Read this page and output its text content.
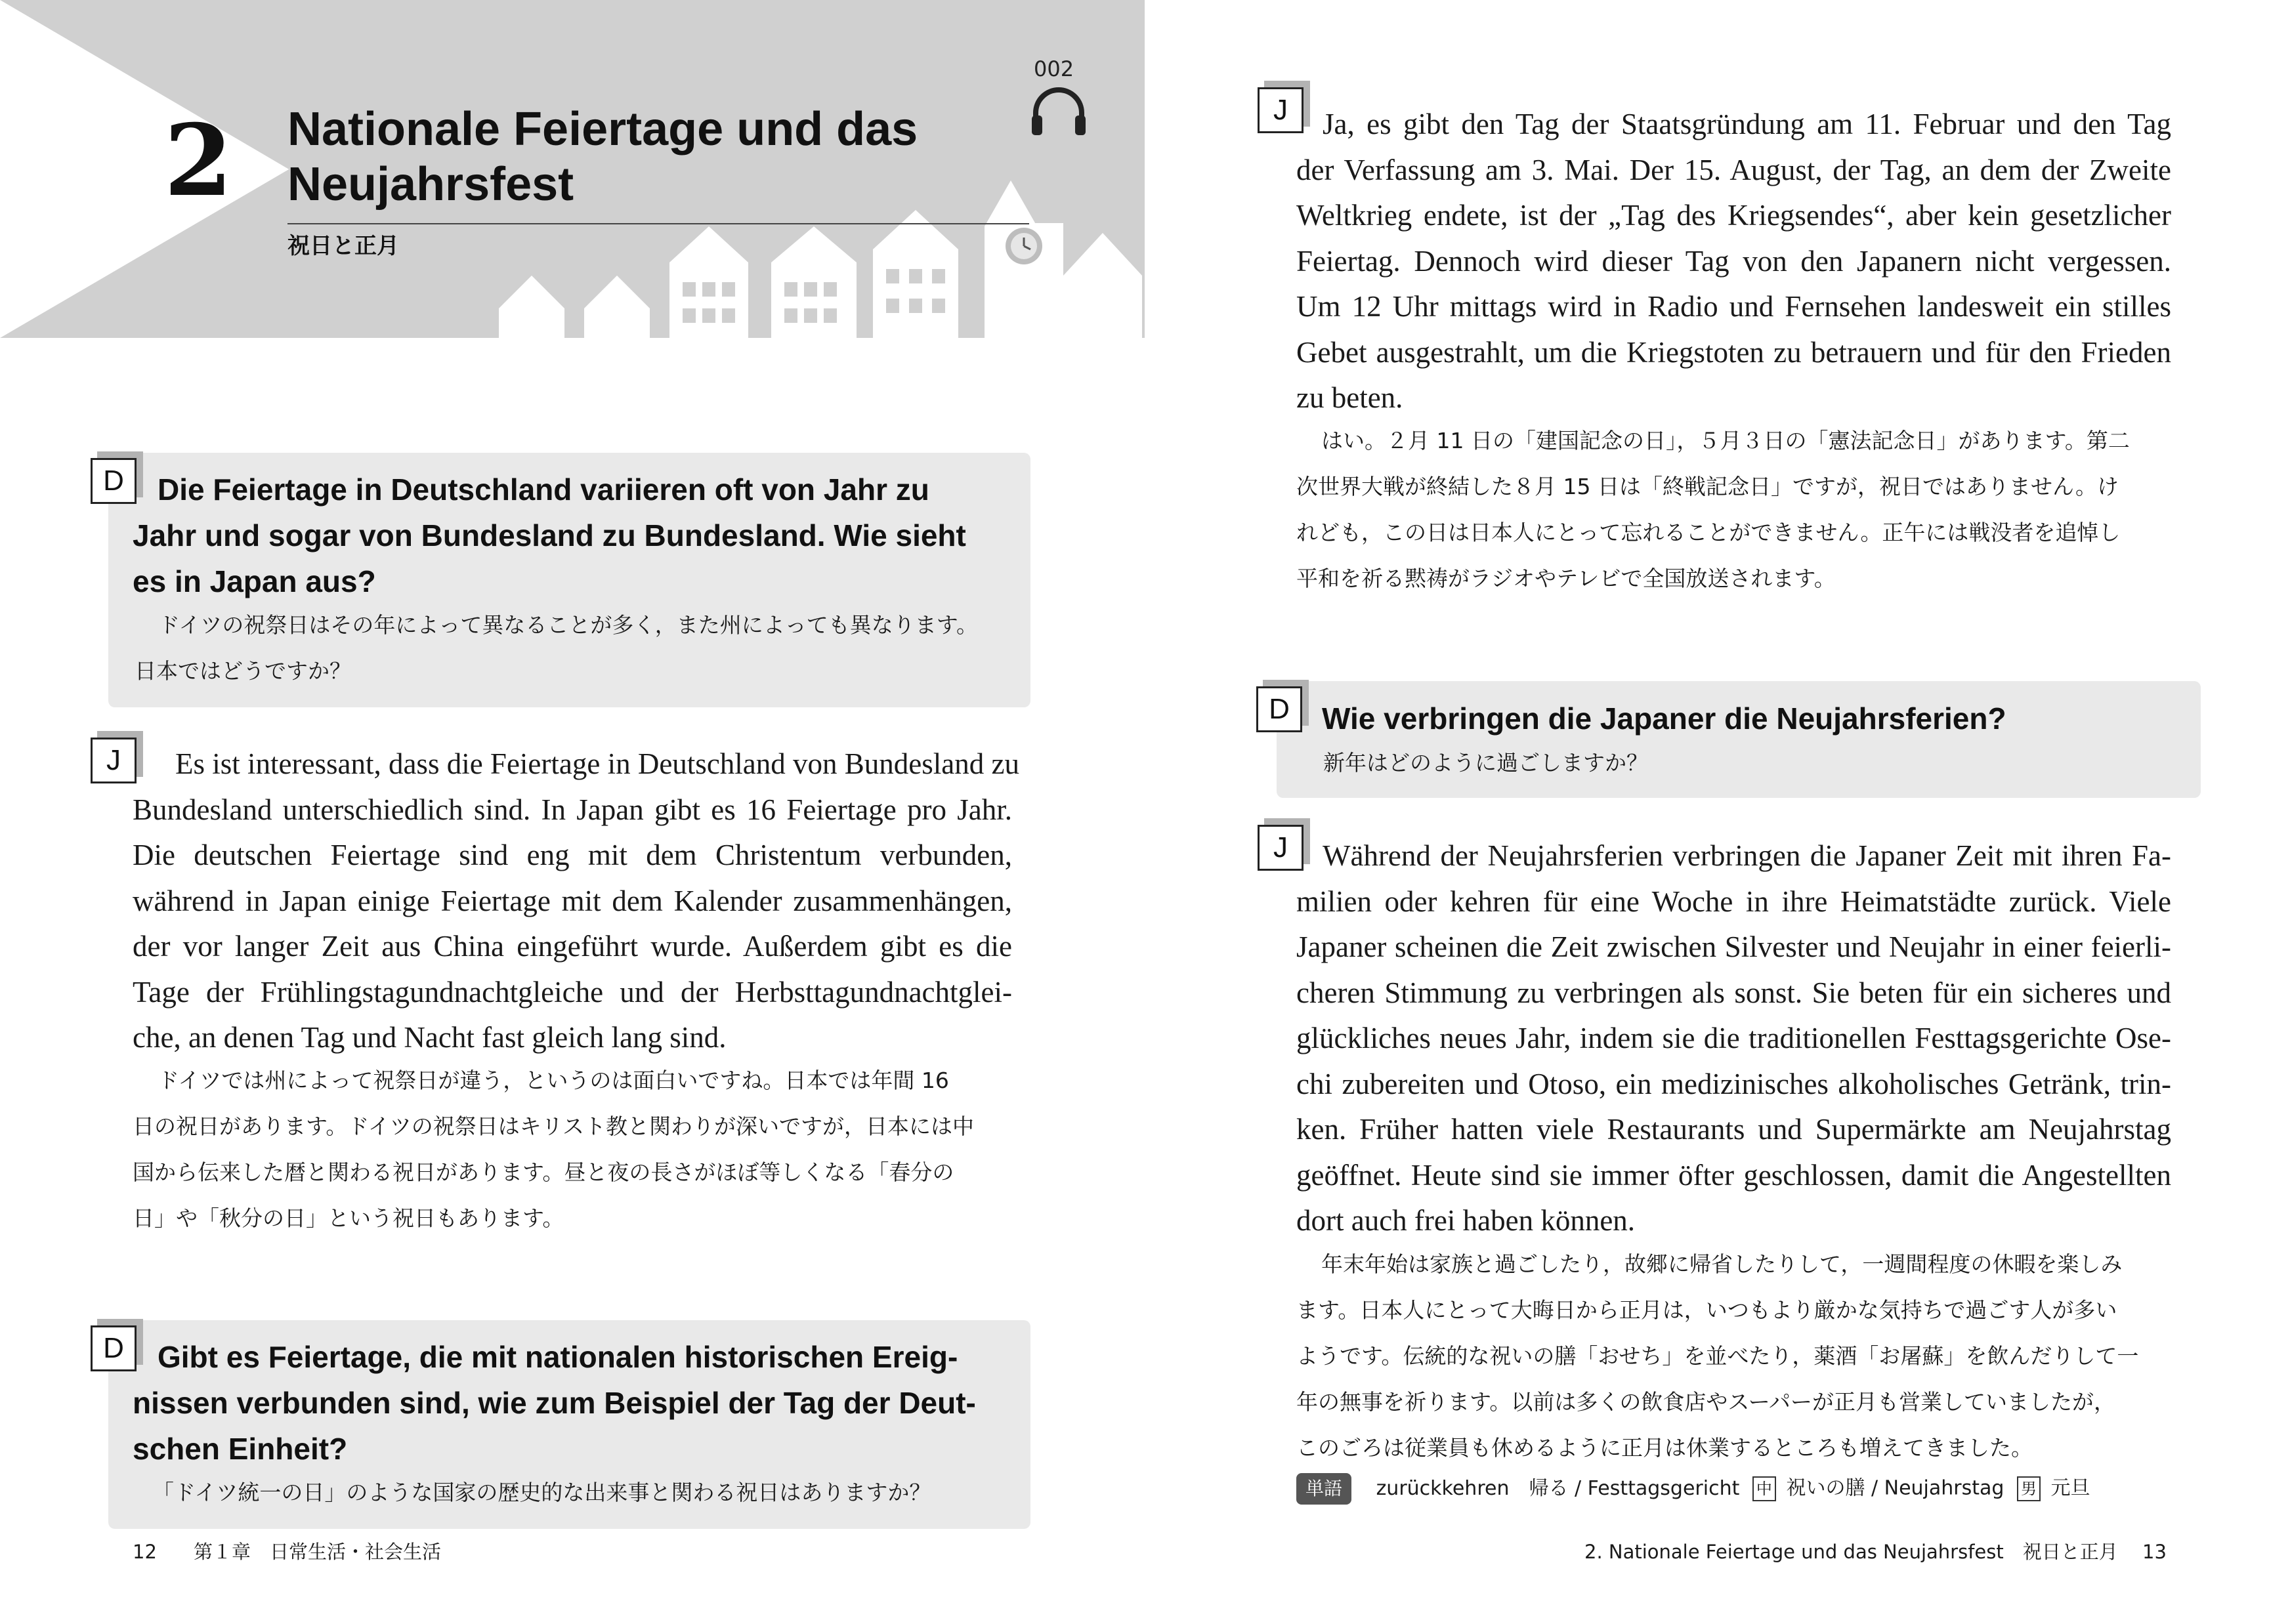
2	Nationale Feiertage und das
Neujahrsfest
祝日と正月
002
D	Die Feiertage in Deutschland variieren oft von Jahr zu
Jahr und sogar von Bundesland zu Bundesland. Wie sieht
es in Japan aus?
ドイツの祝祭日はその年によって異なることが多く，また州によっても異なります。
日本ではどうですか？
J	Es ist interessant, dass die Feiertage in Deutschland von Bundesland zu
Bundesland unterschiedlich sind. In Japan gibt es 16 Feiertage pro Jahr.
Die deutschen Feiertage sind eng mit dem Christentum verbunden,
während in Japan einige Feiertage mit dem Kalender zusammenhängen,
der vor langer Zeit aus China eingeführt wurde. Außerdem gibt es die
Tage der Frühlingstagundnachtgleiche und der Herbsttagundnachtglei-
che, an denen Tag und Nacht fast gleich lang sind.
ドイツでは州によって祝祭日が違う，というのは面白いですね。日本では年間 16
日の祝日があります。ドイツの祝祭日はキリスト教と関わりが深いですが，日本には中
国から伝来した暦と関わる祝日があります。昼と夜の長さがほぼ等しくなる「春分の
日」や「秋分の日」という祝日もあります。
D	Gibt es Feiertage, die mit nationalen historischen Ereig-
nissen verbunden sind, wie zum Beispiel der Tag der Deut-
schen Einheit?
「ドイツ統一の日」のような国家の歴史的な出来事と関わる祝日はありますか？
12 第１章　日常生活・社会生活
J	Ja, es gibt den Tag der Staatsgründung am 11. Februar und den Tag
der Verfassung am 3. Mai. Der 15. August, der Tag, an dem der Zweite
Weltkrieg endete, ist der „Tag des Kriegsendes“, aber kein gesetzlicher
Feiertag. Dennoch wird dieser Tag von den Japanern nicht vergessen.
Um 12 Uhr mittags wird in Radio und Fernsehen landesweit ein stilles
Gebet ausgestrahlt, um die Kriegstoten zu betrauern und für den Frieden
zu beten.
はい。２月 11 日の「建国記念の日」，５月３日の「憲法記念日」があります。第二
次世界大戦が終結した８月 15 日は「終戦記念日」ですが，祝日ではありません。け
れども，この日は日本人にとって忘れることができません。正午には戦没者を追悼し
平和を祈る黙祷がラジオやテレビで全国放送されます。
D	Wie verbringen die Japaner die Neujahrsferien?
新年はどのように過ごしますか？
J	Während der Neujahrsferien verbringen die Japaner Zeit mit ihren Fa-
milien oder kehren für eine Woche in ihre Heimatstädte zurück. Viele
Japaner scheinen die Zeit zwischen Silvester und Neujahr in einer feierli-
cheren Stimmung zu verbringen als sonst. Sie beten für ein sicheres und
glückliches neues Jahr, indem sie die traditionellen Festtagsgerichte Ose-
chi zubereiten und Otoso, ein medizinisches alkoholisches Getränk, trin-
ken. Früher hatten viele Restaurants und Supermärkte am Neujahrstag
geöffnet. Heute sind sie immer öfter geschlossen, damit die Angestellten
dort auch frei haben können.
年末年始は家族と過ごしたり，故郷に帰省したりして，一週間程度の休暇を楽しみ
ます。日本人にとって大晦日から正月は，いつもより厳かな気持ちで過ごす人が多い
ようです。伝統的な祝いの膳「おせち」を並べたり，薬酒「お屠蘇」を飲んだりして一
年の無事を祈ります。以前は多くの飲食店やスーパーが正月も営業していましたが，
このごろは従業員も休めるように正月は休業するところも増えてきました。
2. Nationale Feiertage und das Neujahrsfest　祝日と正月 13
単語 zurückkehren　帰る / Festtagsgericht 中 祝いの膳 / Neujahrstag 男 元旦
